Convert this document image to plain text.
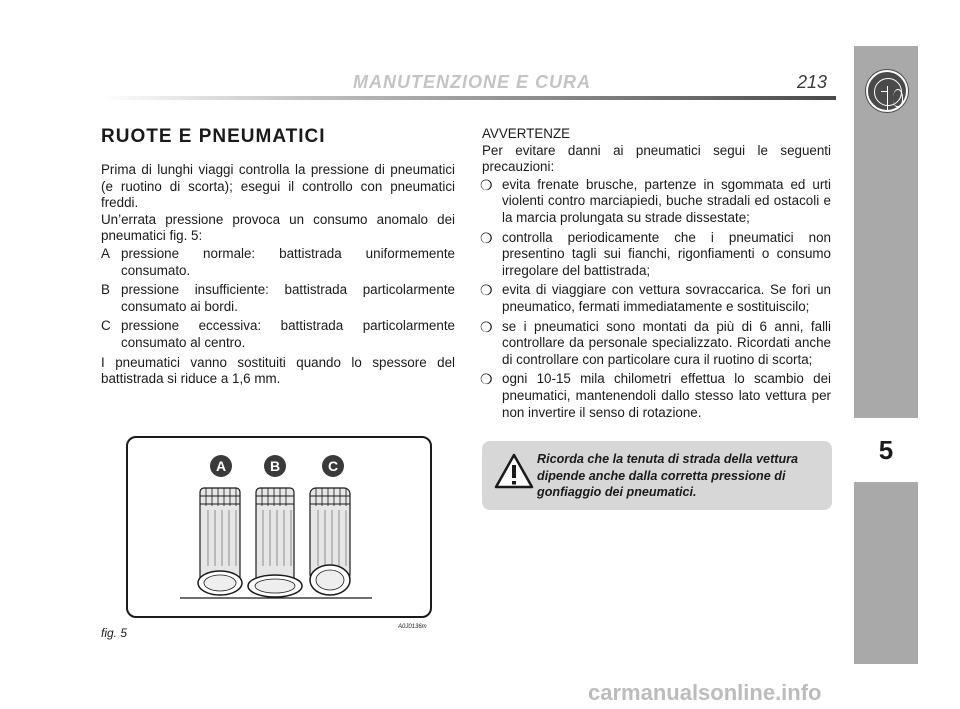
MANUTENZIONE E CURA	213
5
RUOTE E PNEUMATICI

Prima di lunghi viaggi controlla la pressione di pneumatici (e ruotino di scorta); esegui il controllo con pneumatici freddi.

Un’errata pressione provoca un consumo anomalo dei pneumatici fig. 5:

A pressione normale: battistrada uniformemente consumato.
B pressione insufficiente: battistrada particolarmente consumato ai bordi.
C pressione eccessiva: battistrada particolarmente consumato al centro.

I pneumatici vanno sostituiti quando lo spessore del battistrada si riduce a 1,6 mm.

AVVERTENZE

Per evitare danni ai pneumatici segui le seguenti precauzioni:

❍ evita frenate brusche, partenze in sgommata ed urti violenti contro marciapiedi, buche stradali ed ostacoli e la marcia prolungata su strade dissestate;
❍ controlla periodicamente che i pneumatici non presentino tagli sui fianchi, rigonfiamenti o consumo irregolare del battistrada;
❍ evita di viaggiare con vettura sovraccarica. Se fori un pneumatico, fermati immediatamente e sostituiscilo;
❍ se i pneumatici sono montati da più di 6 anni, falli controllare da personale specializzato. Ricordati anche di controllare con particolare cura il ruotino di scorta;
❍ ogni 10-15 mila chilometri effettua lo scambio dei pneumatici, mantenendoli dallo stesso lato vettura per non invertire il senso di rotazione.
Ricorda che la tenuta di strada della vettura dipende anche dalla corretta pressione di gonfiaggio dei pneumatici.
A	B	C
fig. 5	A0J0136m
carmanualsonline.info
